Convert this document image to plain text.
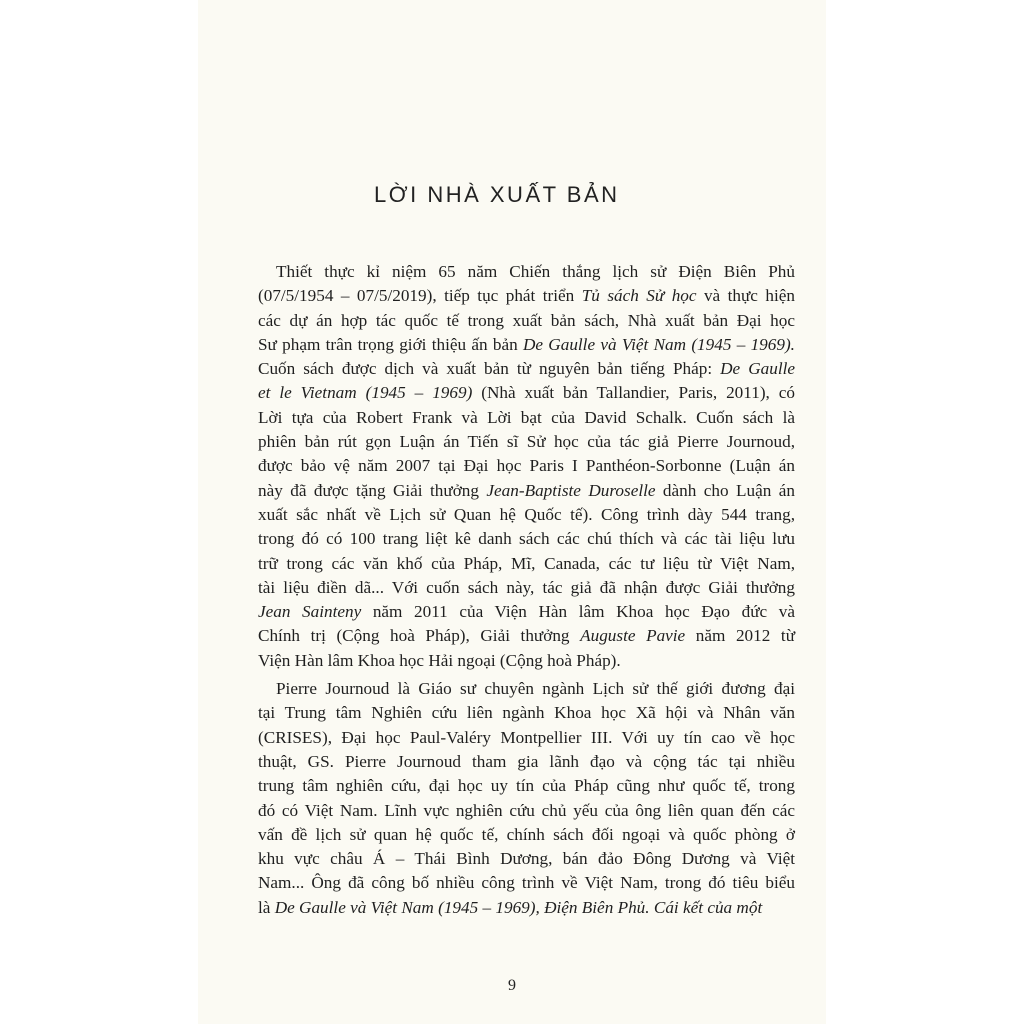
LỜI NHÀ XUẤT BẢN

Thiết thực kỉ niệm 65 năm Chiến thắng lịch sử Điện Biên Phủ
(07/5/1954 – 07/5/2019), tiếp tục phát triển Tủ sách Sử học và thực hiện
các dự án hợp tác quốc tế trong xuất bản sách, Nhà xuất bản Đại học
Sư phạm trân trọng giới thiệu ấn bản De Gaulle và Việt Nam (1945 – 1969).
Cuốn sách được dịch và xuất bản từ nguyên bản tiếng Pháp: De Gaulle
et le Vietnam (1945 – 1969) (Nhà xuất bản Tallandier, Paris, 2011), có
Lời tựa của Robert Frank và Lời bạt của David Schalk. Cuốn sách là
phiên bản rút gọn Luận án Tiến sĩ Sử học của tác giả Pierre Journoud,
được bảo vệ năm 2007 tại Đại học Paris I Panthéon-Sorbonne (Luận án
này đã được tặng Giải thưởng Jean-Baptiste Duroselle dành cho Luận án
xuất sắc nhất về Lịch sử Quan hệ Quốc tế). Công trình dày 544 trang,
trong đó có 100 trang liệt kê danh sách các chú thích và các tài liệu lưu
trữ trong các văn khố của Pháp, Mĩ, Canada, các tư liệu từ Việt Nam,
tài liệu điền dã... Với cuốn sách này, tác giả đã nhận được Giải thưởng
Jean Sainteny năm 2011 của Viện Hàn lâm Khoa học Đạo đức và
Chính trị (Cộng hoà Pháp), Giải thưởng Auguste Pavie năm 2012 từ
Viện Hàn lâm Khoa học Hải ngoại (Cộng hoà Pháp).

Pierre Journoud là Giáo sư chuyên ngành Lịch sử thế giới đương đại
tại Trung tâm Nghiên cứu liên ngành Khoa học Xã hội và Nhân văn
(CRISES), Đại học Paul-Valéry Montpellier III. Với uy tín cao về học
thuật, GS. Pierre Journoud tham gia lãnh đạo và cộng tác tại nhiều
trung tâm nghiên cứu, đại học uy tín của Pháp cũng như quốc tế, trong
đó có Việt Nam. Lĩnh vực nghiên cứu chủ yếu của ông liên quan đến các
vấn đề lịch sử quan hệ quốc tế, chính sách đối ngoại và quốc phòng ở
khu vực châu Á – Thái Bình Dương, bán đảo Đông Dương và Việt
Nam... Ông đã công bố nhiều công trình về Việt Nam, trong đó tiêu biểu
là De Gaulle và Việt Nam (1945 – 1969), Điện Biên Phủ. Cái kết của một

9
